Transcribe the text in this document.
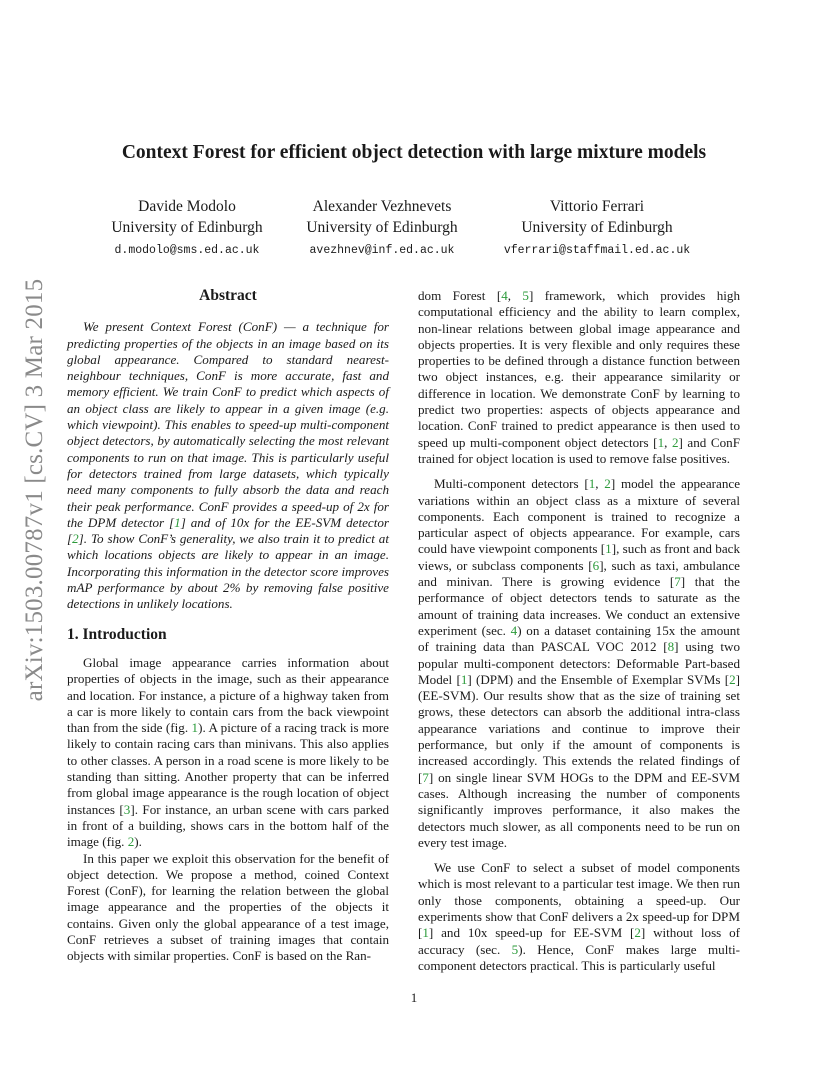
arXiv:1503.00787v1 [cs.CV] 3 Mar 2015
Context Forest for efficient object detection with large mixture models
Davide Modolo
University of Edinburgh
d.modolo@sms.ed.ac.uk
Alexander Vezhnevets
University of Edinburgh
avezhnev@inf.ed.ac.uk
Vittorio Ferrari
University of Edinburgh
vferrari@staffmail.ed.ac.uk
Abstract

We present Context Forest (ConF) — a technique for predicting properties of the objects in an image based on its global appearance. Compared to standard nearest-neighbour techniques, ConF is more accurate, fast and memory efficient. We train ConF to predict which aspects of an object class are likely to appear in a given image (e.g. which viewpoint). This enables to speed-up multi-component object detectors, by automatically selecting the most relevant components to run on that image. This is particularly useful for detectors trained from large datasets, which typically need many components to fully absorb the data and reach their peak performance. ConF provides a speed-up of 2x for the DPM detector [1] and of 10x for the EE-SVM detector [2]. To show ConF’s generality, we also train it to predict at which locations objects are likely to appear in an image. Incorporating this information in the detector score improves mAP performance by about 2% by removing false positive detections in unlikely locations.

1. Introduction

Global image appearance carries information about properties of objects in the image, such as their appearance and location. For instance, a picture of a highway taken from a car is more likely to contain cars from the back viewpoint than from the side (fig. 1). A picture of a racing track is more likely to contain racing cars than minivans. This also applies to other classes. A person in a road scene is more likely to be standing than sitting. Another property that can be inferred from global image appearance is the rough location of object instances [3]. For instance, an urban scene with cars parked in front of a building, shows cars in the bottom half of the image (fig. 2).

In this paper we exploit this observation for the benefit of object detection. We propose a method, coined Context Forest (ConF), for learning the relation between the global image appearance and the properties of the objects it contains. Given only the global appearance of a test image, ConF retrieves a subset of training images that contain objects with similar properties. ConF is based on the Ran-

dom Forest [4, 5] framework, which provides high computational efficiency and the ability to learn complex, non-linear relations between global image appearance and objects properties. It is very flexible and only requires these properties to be defined through a distance function between two object instances, e.g. their appearance similarity or difference in location. We demonstrate ConF by learning to predict two properties: aspects of objects appearance and location. ConF trained to predict appearance is then used to speed up multi-component object detectors [1, 2] and ConF trained for object location is used to remove false positives.

Multi-component detectors [1, 2] model the appearance variations within an object class as a mixture of several components. Each component is trained to recognize a particular aspect of objects appearance. For example, cars could have viewpoint components [1], such as front and back views, or subclass components [6], such as taxi, ambulance and minivan. There is growing evidence [7] that the performance of object detectors tends to saturate as the amount of training data increases. We conduct an extensive experiment (sec. 4) on a dataset containing 15x the amount of training data than PASCAL VOC 2012 [8] using two popular multi-component detectors: Deformable Part-based Model [1] (DPM) and the Ensemble of Exemplar SVMs [2] (EE-SVM). Our results show that as the size of training set grows, these detectors can absorb the additional intra-class appearance variations and continue to improve their performance, but only if the amount of components is increased accordingly. This extends the related findings of [7] on single linear SVM HOGs to the DPM and EE-SVM cases. Although increasing the number of components significantly improves performance, it also makes the detectors much slower, as all components need to be run on every test image.

We use ConF to select a subset of model components which is most relevant to a particular test image. We then run only those components, obtaining a speed-up. Our experiments show that ConF delivers a 2x speed-up for DPM [1] and 10x speed-up for EE-SVM [2] without loss of accuracy (sec. 5). Hence, ConF makes large multi-component detectors practical. This is particularly useful

1
